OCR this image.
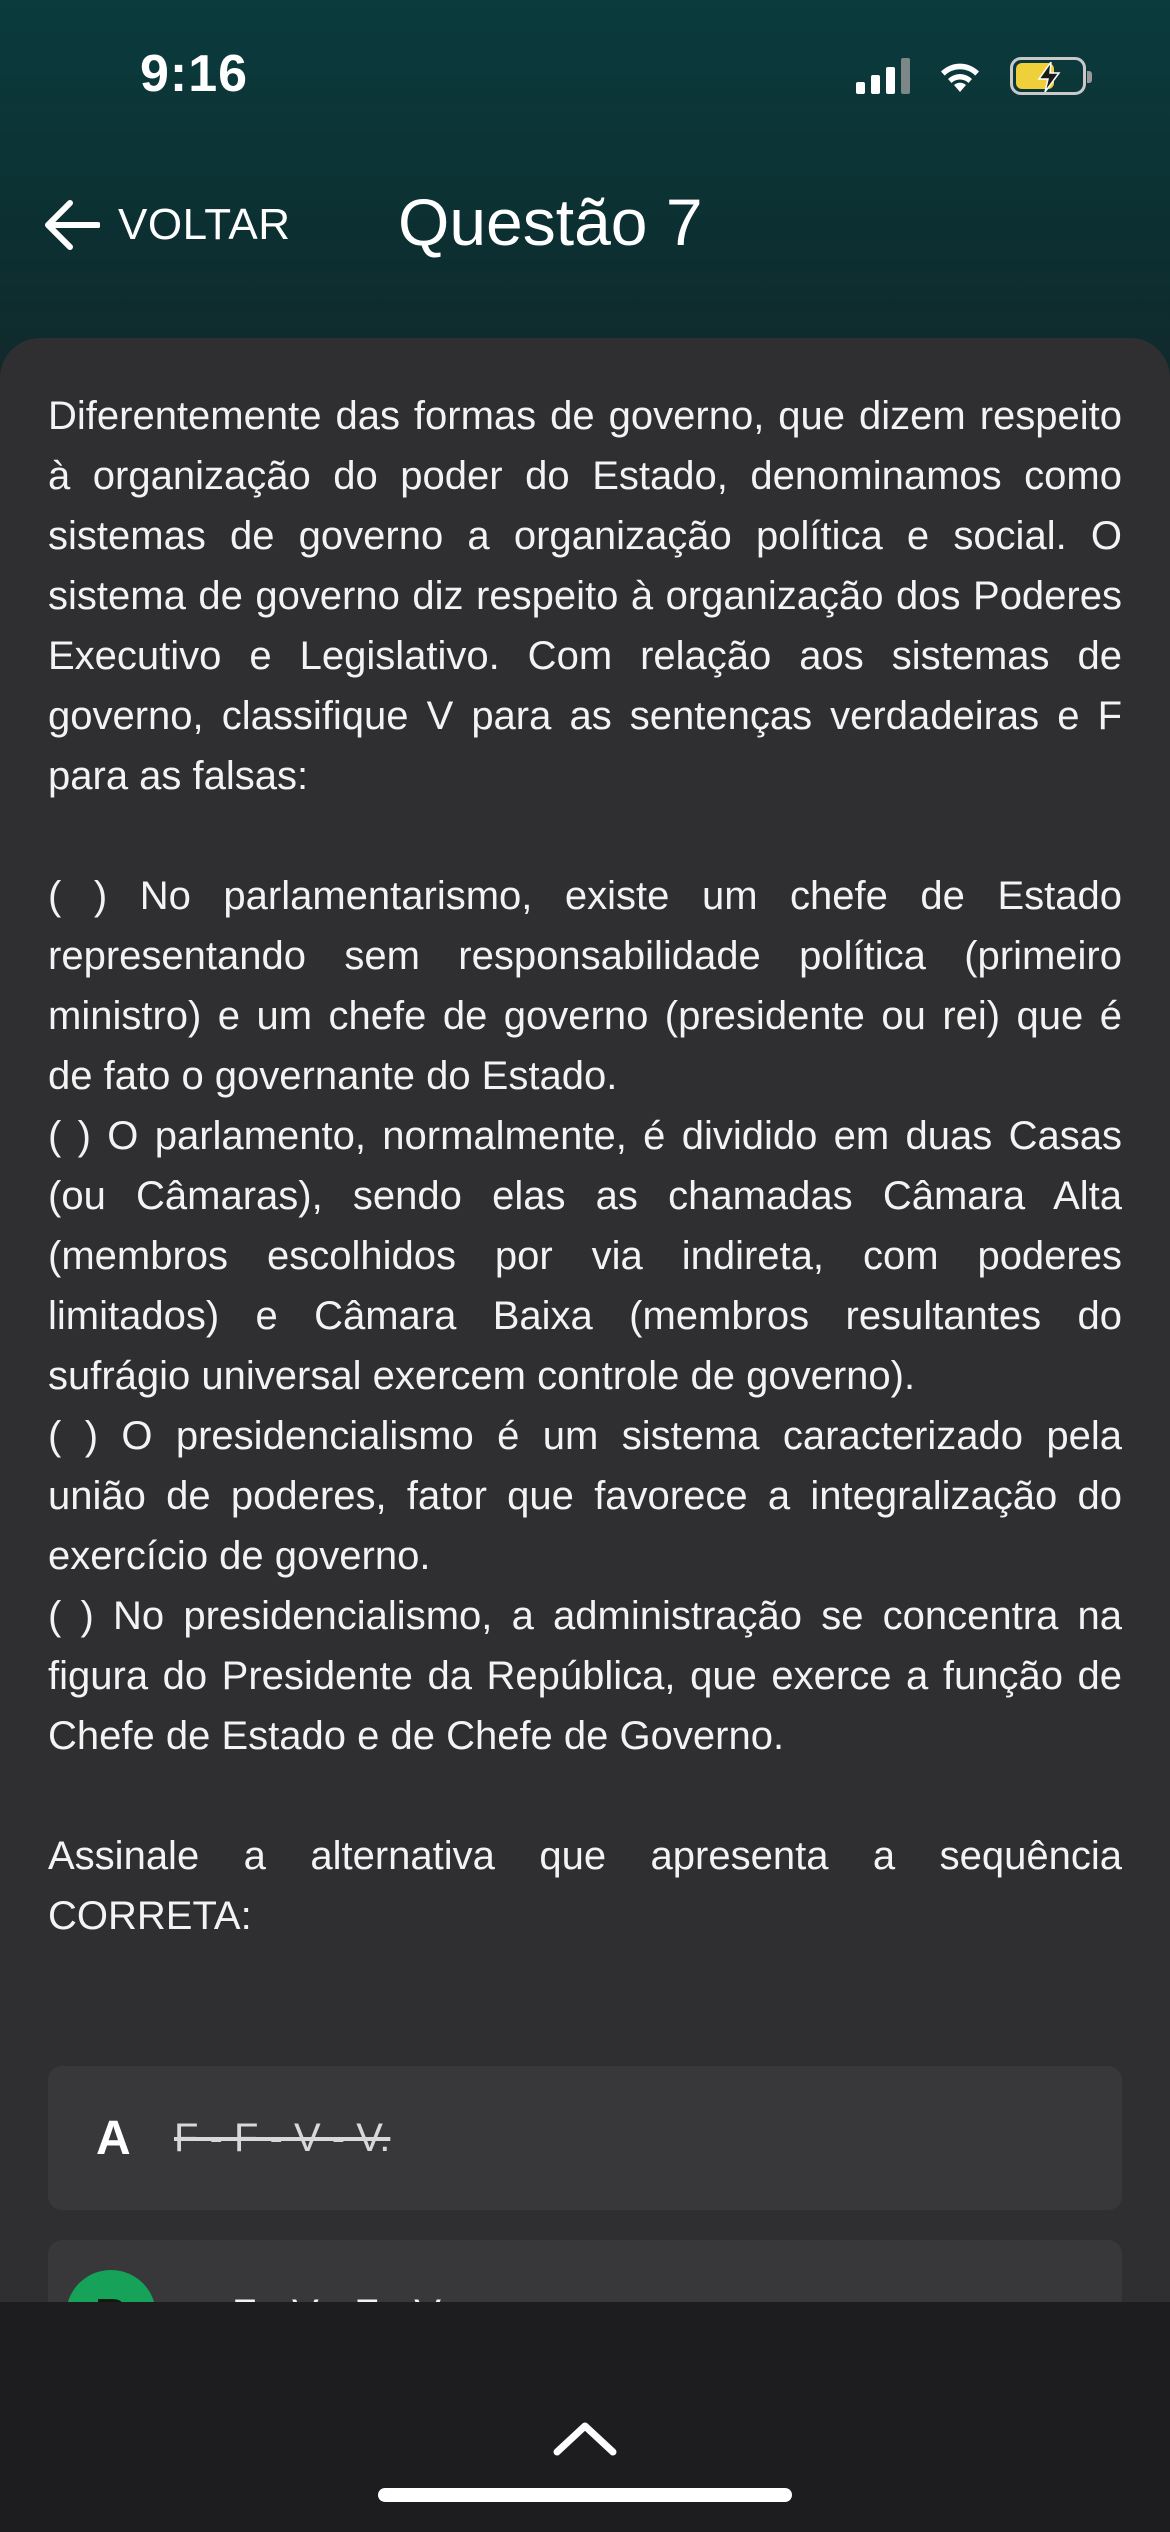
9:16
VOLTAR Questão 7

Diferentemente das formas de governo, que dizem respeito à organização do poder do Estado, denominamos como sistemas de governo a organização política e social. O sistema de governo diz respeito à organização dos Poderes Executivo e Legislativo. Com relação aos sistemas de governo, classifique V para as sentenças verdadeiras e F para as falsas:

( ) No parlamentarismo, existe um chefe de Estado representando sem responsabilidade política (primeiro ministro) e um chefe de governo (presidente ou rei) que é de fato o governante do Estado.

( ) O parlamento, normalmente, é dividido em duas Casas (ou Câmaras), sendo elas as chamadas Câmara Alta (membros escolhidos por via indireta, com poderes limitados) e Câmara Baixa (membros resultantes do sufrágio universal exercem controle de governo).

( ) O presidencialismo é um sistema caracterizado pela união de poderes, fator que favorece a integralização do exercício de governo.

( ) No presidencialismo, a administração se concentra na figura do Presidente da República, que exerce a função de Chefe de Estado e de Chefe de Governo.

Assinale a alternativa que apresenta a sequência CORRETA:

A F - F - V - V.
